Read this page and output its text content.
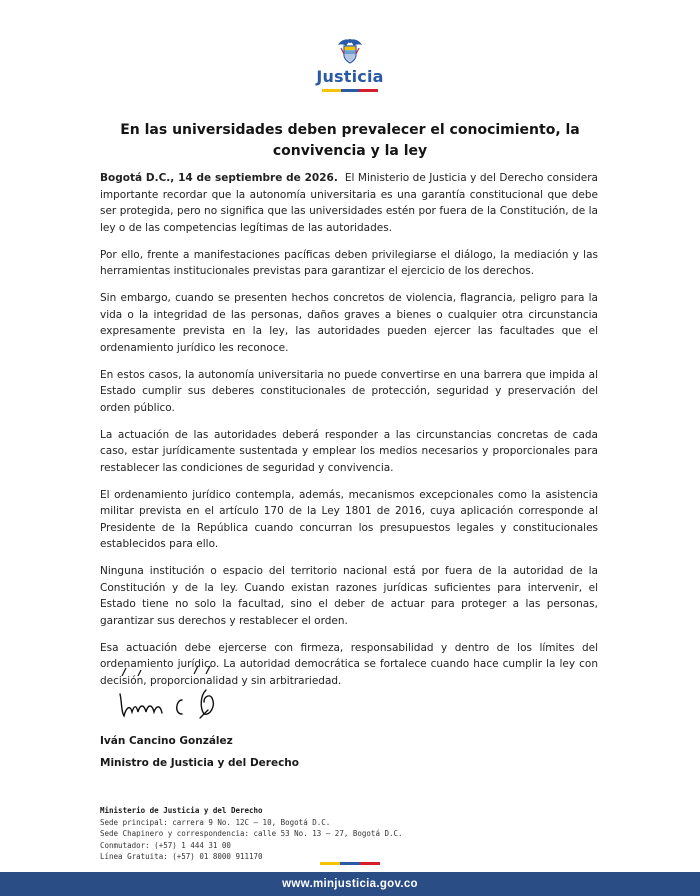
Justicia
En las universidades deben prevalecer el conocimiento, la convivencia y la ley

Bogotá D.C., 14 de septiembre de 2026. El Ministerio de Justicia y del Derecho considera importante recordar que la autonomía universitaria es una garantía constitucional que debe ser protegida, pero no significa que las universidades estén por fuera de la Constitución, de la ley o de las competencias legítimas de las autoridades.

Por ello, frente a manifestaciones pacíficas deben privilegiarse el diálogo, la mediación y las herramientas institucionales previstas para garantizar el ejercicio de los derechos.

Sin embargo, cuando se presenten hechos concretos de violencia, flagrancia, peligro para la vida o la integridad de las personas, daños graves a bienes o cualquier otra circunstancia expresamente prevista en la ley, las autoridades pueden ejercer las facultades que el ordenamiento jurídico les reconoce.

En estos casos, la autonomía universitaria no puede convertirse en una barrera que impida al Estado cumplir sus deberes constitucionales de protección, seguridad y preservación del orden público.

La actuación de las autoridades deberá responder a las circunstancias concretas de cada caso, estar jurídicamente sustentada y emplear los medios necesarios y proporcionales para restablecer las condiciones de seguridad y convivencia.

El ordenamiento jurídico contempla, además, mecanismos excepcionales como la asistencia militar prevista en el artículo 170 de la Ley 1801 de 2016, cuya aplicación corresponde al Presidente de la República cuando concurran los presupuestos legales y constitucionales establecidos para ello.

Ninguna institución o espacio del territorio nacional está por fuera de la autoridad de la Constitución y de la ley. Cuando existan razones jurídicas suficientes para intervenir, el Estado tiene no solo la facultad, sino el deber de actuar para proteger a las personas, garantizar sus derechos y restablecer el orden.

Esa actuación debe ejercerse con firmeza, responsabilidad y dentro de los límites del ordenamiento jurídico. La autoridad democrática se fortalece cuando hace cumplir la ley con decisión, proporcionalidad y sin arbitrariedad.

Iván Cancino González
Ministro de Justicia y del Derecho
Ministerio de Justicia y del Derecho
Sede principal: carrera 9 No. 12C – 10, Bogotá D.C.
Sede Chapinero y correspondencia: calle 53 No. 13 – 27, Bogotá D.C.
Conmutador: (+57) 1 444 31 00
Línea Gratuita: (+57) 01 8000 911170
www.minjusticia.gov.co
